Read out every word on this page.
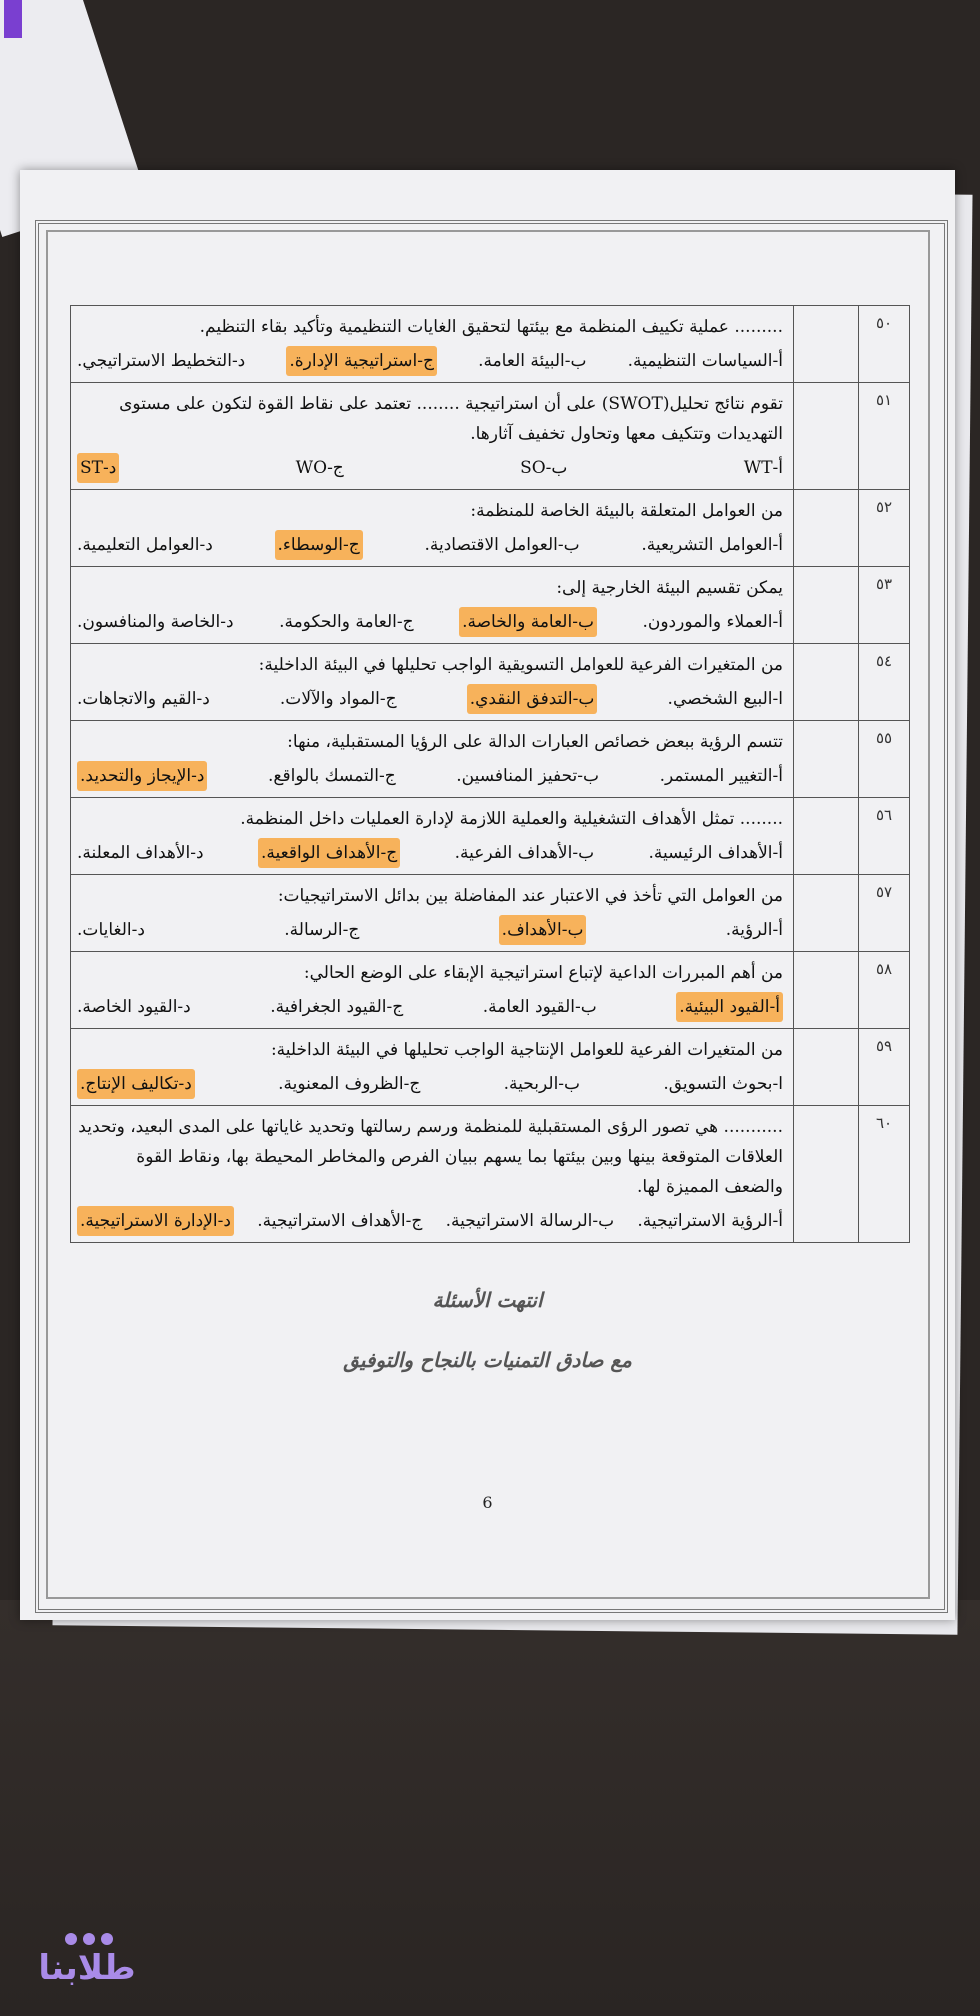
٥٠		......... عملية تكييف المنظمة مع بيئتها لتحقيق الغايات التنظيمية وتأكيد بقاء التنظيم.
أ-السياسات التنظيمية.
ب-البيئة العامة.
ج-استراتيجية الإدارة.
د-التخطيط الاستراتيجي.

٥١		تقوم نتائج تحليل(SWOT) على أن استراتيجية ........ تعتمد على نقاط القوة لتكون على مستوى التهديدات وتتكيف معها وتحاول تخفيف آثارها.
أ-WT
ب-SO
ج-WO
د-ST

٥٢		من العوامل المتعلقة بالبيئة الخاصة للمنظمة:
أ-العوامل التشريعية.
ب-العوامل الاقتصادية.
ج-الوسطاء.
د-العوامل التعليمية.

٥٣		يمكن تقسيم البيئة الخارجية إلى:
أ-العملاء والموردون.
ب-العامة والخاصة.
ج-العامة والحكومة.
د-الخاصة والمنافسون.

٥٤		من المتغيرات الفرعية للعوامل التسويقية الواجب تحليلها في البيئة الداخلية:
ا-البيع الشخصي.
ب-التدفق النقدي.
ج-المواد والآلات.
د-القيم والاتجاهات.

٥٥		تتسم الرؤية ببعض خصائص العبارات الدالة على الرؤيا المستقبلية، منها:
أ-التغيير المستمر.
ب-تحفيز المنافسين.
ج-التمسك بالواقع.
د-الإيجاز والتحديد.

٥٦		........ تمثل الأهداف التشغيلية والعملية اللازمة لإدارة العمليات داخل المنظمة.
أ-الأهداف الرئيسية.
ب-الأهداف الفرعية.
ج-الأهداف الواقعية.
د-الأهداف المعلنة.

٥٧		من العوامل التي تأخذ في الاعتبار عند المفاضلة بين بدائل الاستراتيجيات:
أ-الرؤية.
ب-الأهداف.
ج-الرسالة.
د-الغايات.

٥٨		من أهم المبررات الداعية لإتباع استراتيجية الإبقاء على الوضع الحالي:
أ-القيود البيئية.
ب-القيود العامة.
ج-القيود الجغرافية.
د-القيود الخاصة.

٥٩		من المتغيرات الفرعية للعوامل الإنتاجية الواجب تحليلها في البيئة الداخلية:
ا-بحوث التسويق.
ب-الربحية.
ج-الظروف المعنوية.
د-تكاليف الإنتاج.

٦٠		........... هي تصور الرؤى المستقبلية للمنظمة ورسم رسالتها وتحديد غاياتها على المدى البعيد، وتحديد العلاقات المتوقعة بينها وبين بيئتها بما يسهم ببيان الفرص والمخاطر المحيطة بها، ونقاط القوة والضعف المميزة لها.
أ-الرؤية الاستراتيجية.
ب-الرسالة الاستراتيجية.
ج-الأهداف الاستراتيجية.
د-الإدارة الاستراتيجية.
انتهت الأسئلة
مع صادق التمنيات بالنجاح والتوفيق
6
طلابنا
